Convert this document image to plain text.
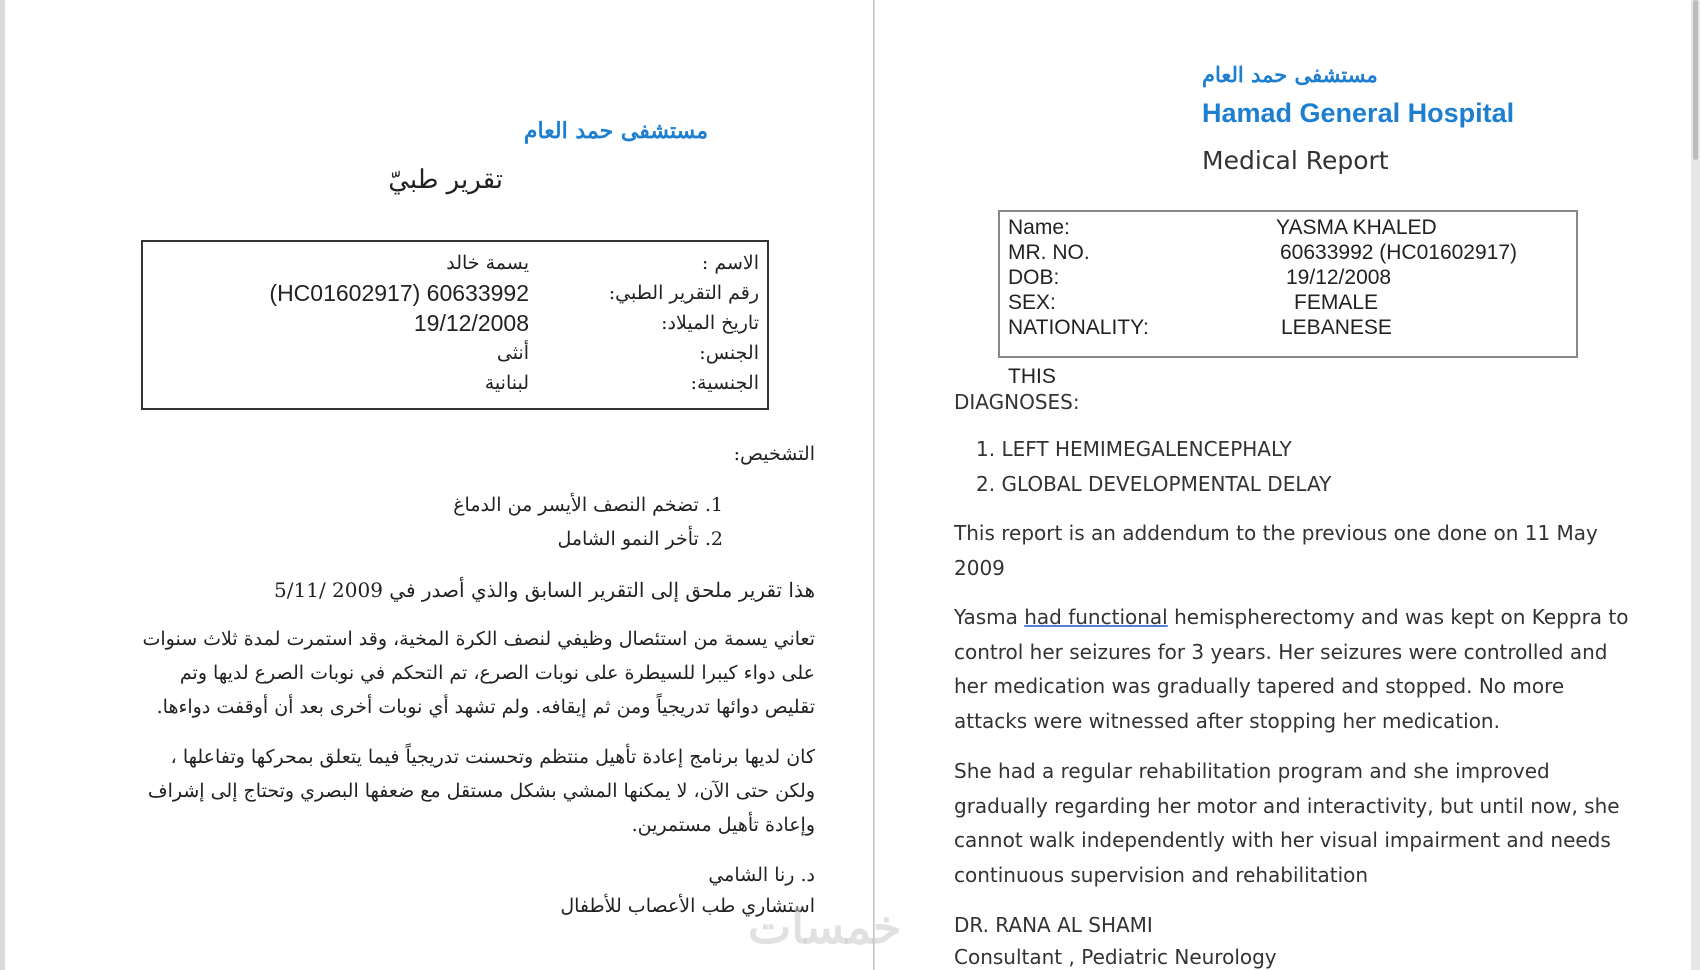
مستشفى حمد العام
تقرير طبيّ
الاسم :
رقم التقرير الطبي:
تاريخ الميلاد:
الجنس:
الجنسية:
يسمة خالد
(HC01602917) 60633992
19/12/2008
أنثى
لبنانية
التشخيص:
1. تضخم النصف الأيسر من الدماغ
2. تأخر النمو الشامل
هذا تقرير ملحق إلى التقرير السابق والذي أصدر في 2009 /5/11
تعاني يسمة من استئصال وظيفي لنصف الكرة المخية، وقد استمرت لمدة ثلاث سنوات
على دواء كيبرا للسيطرة على نوبات الصرع، تم التحكم في نوبات الصرع لديها وتم
تقليص دوائها تدريجياً ومن ثم إيقافه. ولم تشهد أي نوبات أخرى بعد أن أوقفت دواءها.
كان لديها برنامج إعادة تأهيل منتظم وتحسنت تدريجياً فيما يتعلق بمحركها وتفاعلها ،
ولكن حتى الآن، لا يمكنها المشي بشكل مستقل مع ضعفها البصري وتحتاج إلى إشراف
وإعادة تأهيل مستمرين.
د. رنا الشامي
استشاري طب الأعصاب للأطفال
مستشفى حمد العام
Hamad General Hospital
Medical Report
Name:
MR. NO.
DOB:
SEX:
NATIONALITY:
YASMA KHALED
60633992 (HC01602917)
19/12/2008
FEMALE
LEBANESE
THIS
DIAGNOSES:
1. LEFT HEMIMEGALENCEPHALY
2. GLOBAL DEVELOPMENTAL DELAY
This report is an addendum to the previous one done on 11 May
2009
Yasma had functional hemispherectomy and was kept on Keppra to
control her seizures for 3 years. Her seizures were controlled and
her medication was gradually tapered and stopped. No more
attacks were witnessed after stopping her medication.
She had a regular rehabilitation program and she improved
gradually regarding her motor and interactivity, but until now, she
cannot walk independently with her visual impairment and needs
continuous supervision and rehabilitation
DR. RANA AL SHAMI
Consultant , Pediatric Neurology
خمسات
